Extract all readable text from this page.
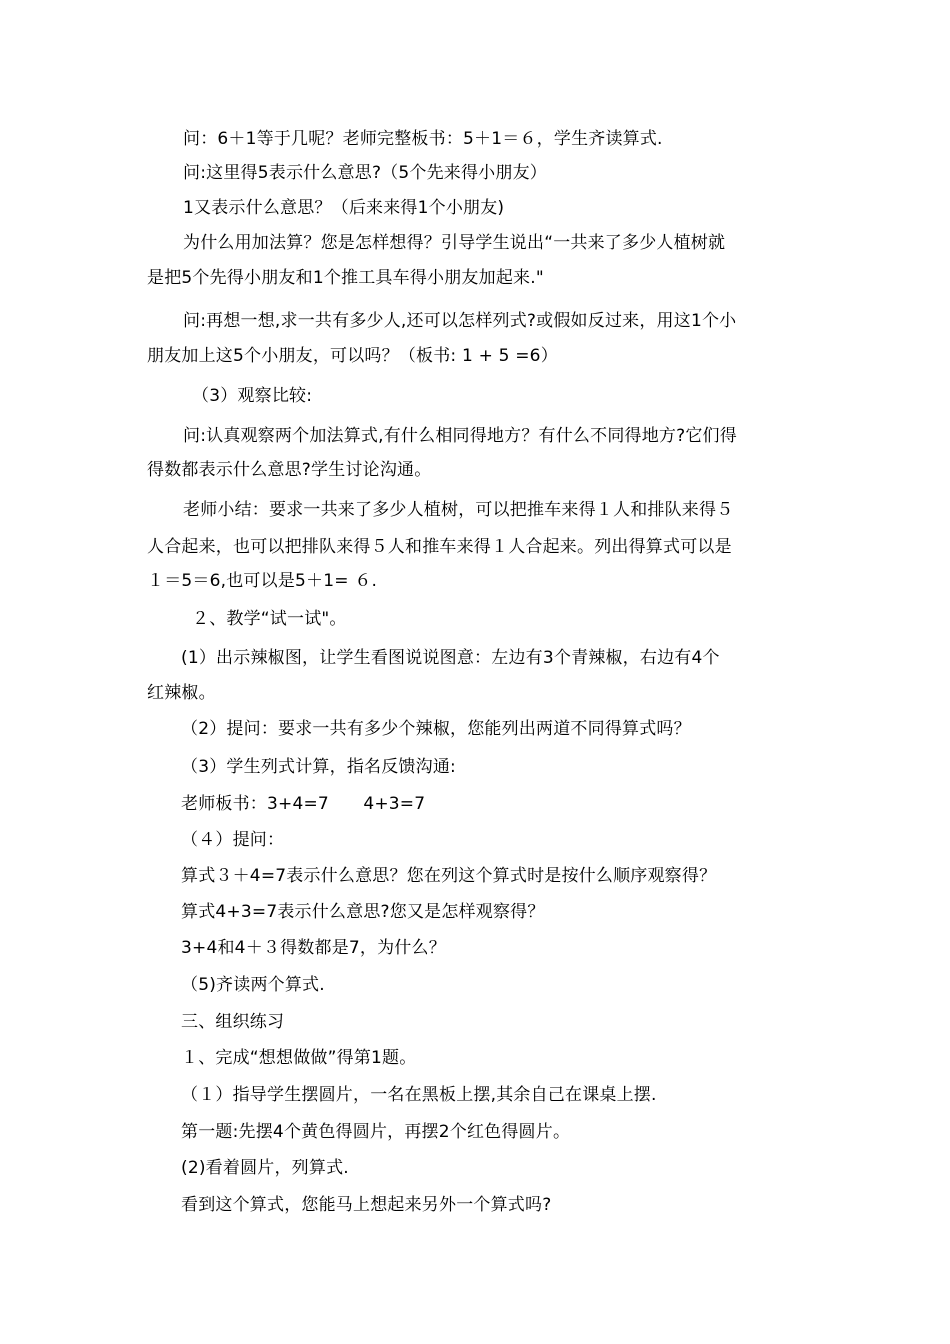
问：6＋1等于几呢？老师完整板书：5＋1＝６，学生齐读算式.
问:这里得5表示什么意思?（5个先来得小朋友）
1又表示什么意思？（后来来得1个小朋友)
为什么用加法算？您是怎样想得？引导学生说出“一共来了多少人植树就
是把5个先得小朋友和1个推工具车得小朋友加起来."
问:再想一想,求一共有多少人,还可以怎样列式?或假如反过来，用这1个小
朋友加上这5个小朋友，可以吗？（板书: 1 + 5 =6）
（3）观察比较:
问:认真观察两个加法算式,有什么相同得地方？有什么不同得地方?它们得
得数都表示什么意思?学生讨论沟通。
老师小结：要求一共来了多少人植树，可以把推车来得１人和排队来得５
人合起来，也可以把排队来得５人和推车来得１人合起来。列出得算式可以是
１＝5＝6,也可以是5＋1= ６.
２、教学“试一试"。
(1）出示辣椒图，让学生看图说说图意：左边有3个青辣椒，右边有4个
红辣椒。
（2）提问：要求一共有多少个辣椒，您能列出两道不同得算式吗？
（3）学生列式计算，指名反馈沟通:
老师板书：3+4=7　　4+3=7
（４）提问：
算式３＋4=7表示什么意思？您在列这个算式时是按什么顺序观察得？
算式4+3=7表示什么意思?您又是怎样观察得？
3+4和4＋３得数都是7，为什么？
（5)齐读两个算式.
三、组织练习
１、完成“想想做做”得第1题。
（１）指导学生摆圆片，一名在黑板上摆,其余自己在课桌上摆.
第一题:先摆4个黄色得圆片，再摆2个红色得圆片。
(2)看着圆片，列算式.
看到这个算式，您能马上想起来另外一个算式吗?
